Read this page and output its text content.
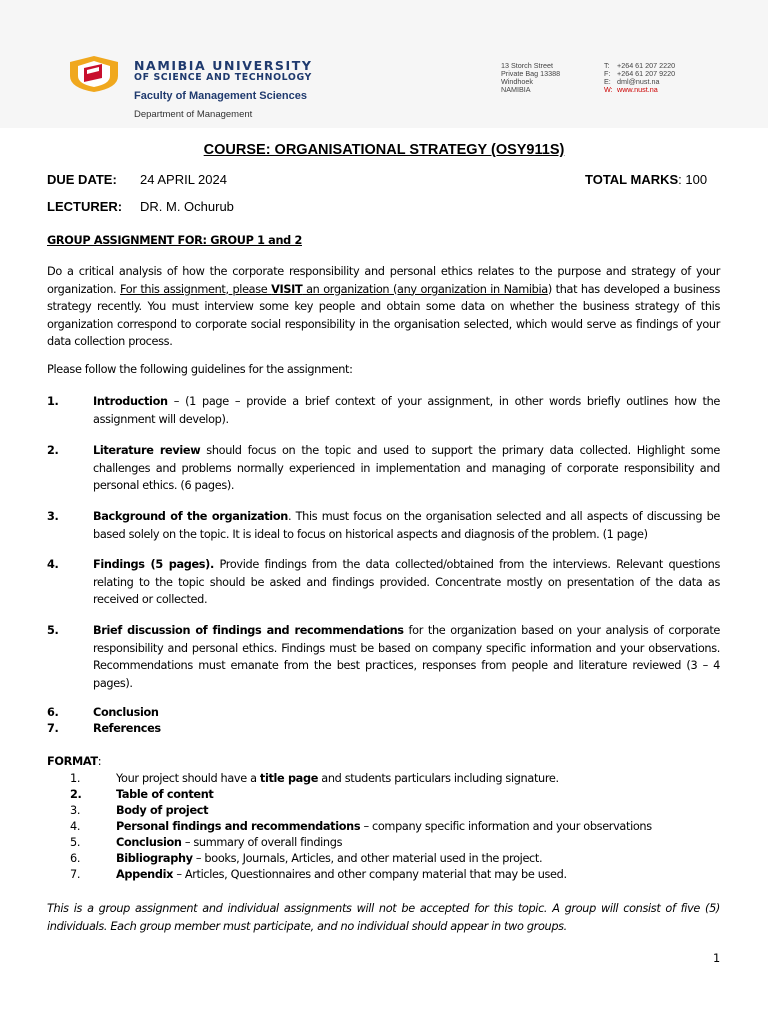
NAMIBIA UNIVERSITY
OF SCIENCE AND TECHNOLOGY
Faculty of Management Sciences
Department of Management
13 Storch Street
Private Bag 13388
Windhoek
NAMIBIA
T: +264 61 207 2220
F: +264 61 207 9220
E: dml@nust.na
W: www.nust.na
COURSE: ORGANISATIONAL STRATEGY (OSY911S)
DUE DATE: 24 APRIL 2024	TOTAL MARKS: 100
LECTURER: DR. M. Ochurub
GROUP ASSIGNMENT FOR: GROUP 1 and 2
Do a critical analysis of how the corporate responsibility and personal ethics relates to the purpose and strategy of your organization. For this assignment, please VISIT an organization (any organization in Namibia) that has developed a business strategy recently. You must interview some key people and obtain some data on whether the business strategy of this organization correspond to corporate social responsibility in the organisation selected, which would serve as findings of your data collection process.
Please follow the following guidelines for the assignment:
1.	Introduction – (1 page – provide a brief context of your assignment, in other words briefly outlines how the assignment will develop).
2.	Literature review should focus on the topic and used to support the primary data collected. Highlight some challenges and problems normally experienced in implementation and managing of corporate responsibility and personal ethics. (6 pages).
3.	Background of the organization. This must focus on the organisation selected and all aspects of discussing be based solely on the topic. It is ideal to focus on historical aspects and diagnosis of the problem. (1 page)
4.	Findings (5 pages). Provide findings from the data collected/obtained from the interviews. Relevant questions relating to the topic should be asked and findings provided. Concentrate mostly on presentation of the data as received or collected.
5.	Brief discussion of findings and recommendations for the organization based on your analysis of corporate responsibility and personal ethics. Findings must be based on company specific information and your observations. Recommendations must emanate from the best practices, responses from people and literature reviewed (3 – 4 pages).
6.	Conclusion
7.	References
FORMAT:
1.	Your project should have a title page and students particulars including signature.
2.	Table of content
3.	Body of project
4.	Personal findings and recommendations – company specific information and your observations
5.	Conclusion – summary of overall findings
6.	Bibliography – books, Journals, Articles, and other material used in the project.
7.	Appendix – Articles, Questionnaires and other company material that may be used.
This is a group assignment and individual assignments will not be accepted for this topic. A group will consist of five (5) individuals. Each group member must participate, and no individual should appear in two groups.
1
